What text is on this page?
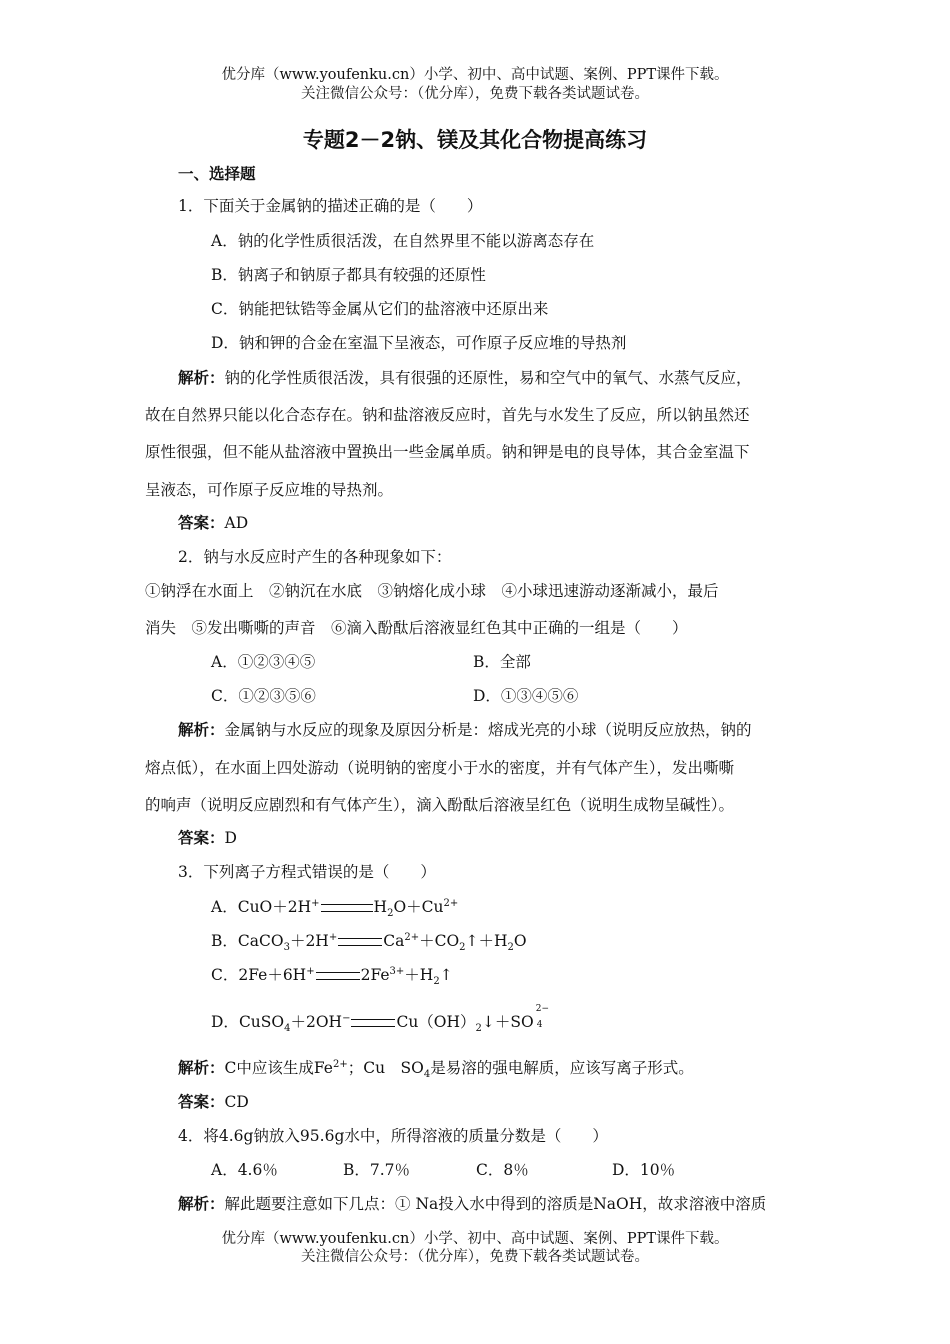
优分库（www.youfenku.cn）小学、初中、高中试题、案例、PPT课件下载。
关注微信公众号：（优分库），免费下载各类试题试卷。
专题2－2钠、镁及其化合物提高练习
一、选择题
1．下面关于金属钠的描述正确的是（　　）
A．钠的化学性质很活泼，在自然界里不能以游离态存在
B．钠离子和钠原子都具有较强的还原性
C．钠能把钛锆等金属从它们的盐溶液中还原出来
D．钠和钾的合金在室温下呈液态，可作原子反应堆的导热剂
解析：钠的化学性质很活泼，具有很强的还原性，易和空气中的氧气、水蒸气反应，
故在自然界只能以化合态存在。钠和盐溶液反应时，首先与水发生了反应，所以钠虽然还
原性很强，但不能从盐溶液中置换出一些金属单质。钠和钾是电的良导体，其合金室温下
呈液态，可作原子反应堆的导热剂。
答案：AD
2．钠与水反应时产生的各种现象如下：
①钠浮在水面上　②钠沉在水底　③钠熔化成小球　④小球迅速游动逐渐减小，最后
消失　⑤发出嘶嘶的声音　⑥滴入酚酞后溶液显红色其中正确的一组是（　　）
A．①②③④⑤	B．全部
C．①②③⑤⑥	D．①③④⑤⑥
解析：金属钠与水反应的现象及原因分析是：熔成光亮的小球（说明反应放热，钠的
熔点低），在水面上四处游动（说明钠的密度小于水的密度，并有气体产生），发出嘶嘶
的响声（说明反应剧烈和有气体产生），滴入酚酞后溶液呈红色（说明生成物呈碱性）。
答案：D
3．下列离子方程式错误的是（　　）
A．CuO＋2H+	$H_2O+Cu^{2+}$
B．CaCO$_3$＋2H+	$Ca^{2+}+CO_2↑+H_2O$
C．2Fe＋6H+	$2Fe^{3+}+H_2↑$
D．CuSO$_4$＋2OH−	$Cu(OH)_2↓+SO$
2−
4
解析：C中应该生成$Fe^{2+}$；Cu　$SO_4$是易溶的强电解质，应该写离子形式。
答案：CD
4．将4.6g钠放入95.6g水中，所得溶液的质量分数是（　　）
A．4.6％	B．7.7％	C．8％	D．10％
解析：解此题要注意如下几点：① Na投入水中得到的溶质是NaOH，故求溶液中溶质
优分库（www.youfenku.cn）小学、初中、高中试题、案例、PPT课件下载。
关注微信公众号：（优分库），免费下载各类试题试卷。
